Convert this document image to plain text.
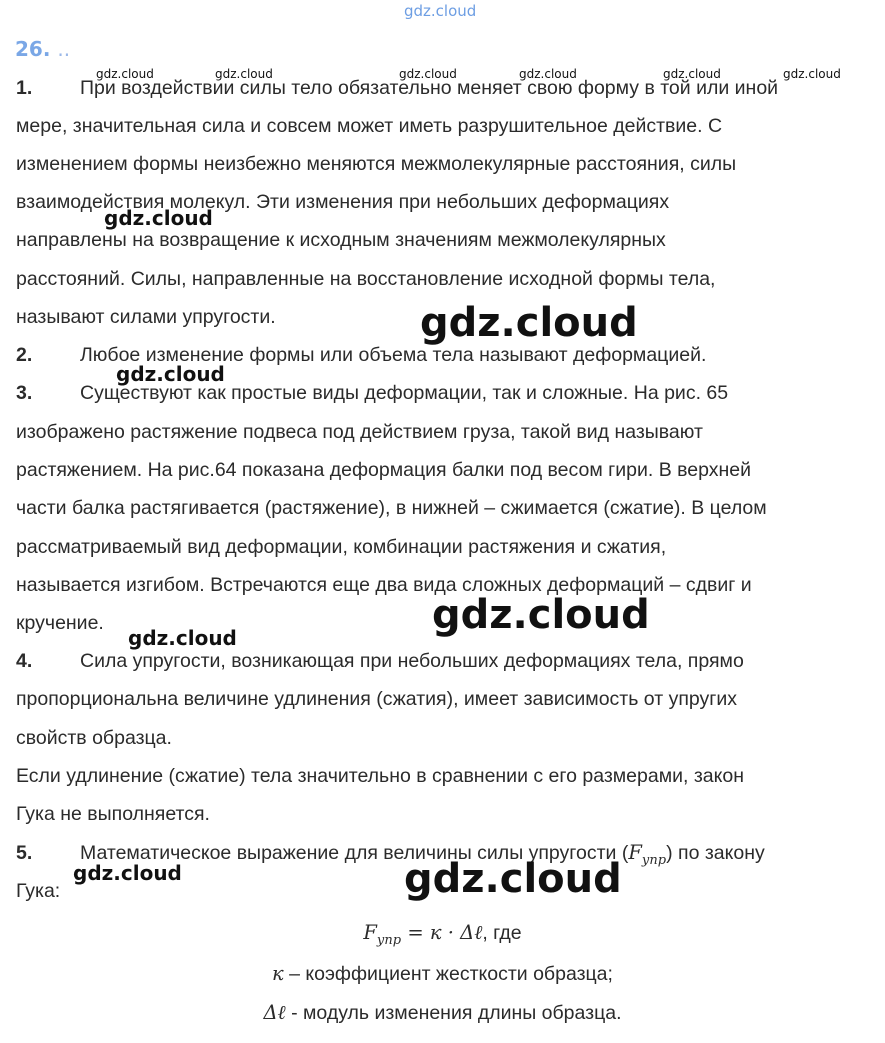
gdz.cloud
26. ..
1. При воздействии силы тело обязательно меняет свою форму в той или иной
мере, значительная сила и совсем может иметь разрушительное действие. С
изменением формы неизбежно меняются межмолекулярные расстояния, силы
взаимодействия молекул. Эти изменения при небольших деформациях
направлены на возвращение к исходным значениям межмолекулярных
расстояний. Силы, направленные на восстановление исходной формы тела,
называют силами упругости.
2. Любое изменение формы или объема тела называют деформацией.
3. Существуют как простые виды деформации, так и сложные. На рис. 65
изображено растяжение подвеса под действием груза, такой вид называют
растяжением. На рис.64 показана деформация балки под весом гири. В верхней
части балка растягивается (растяжение), в нижней – сжимается (сжатие). В целом
рассматриваемый вид деформации, комбинации растяжения и сжатия,
называется изгибом. Встречаются еще два вида сложных деформаций – сдвиг и
кручение.
4. Сила упругости, возникающая при небольших деформациях тела, прямо
пропорциональна величине удлинения (сжатия), имеет зависимость от упругих
свойств образца.
Если удлинение (сжатие) тела значительно в сравнении с его размерами, закон
Гука не выполняется.
5. Математическое выражение для величины силы упругости $(F_{упр})$ по закону
Гука:
$F_{упр} = к$ · Δℓ, где
к – коэффициент жесткости образца;
Δℓ - модуль изменения длины образца.
gdz.cloud	gdz.cloud	gdz.cloud	gdz.cloud	gdz.cloud	gdz.cloud
gdz.cloud
gdz.cloud
gdz.cloud
gdz.cloud
gdz.cloud
gdz.cloud	gdz.cloud
